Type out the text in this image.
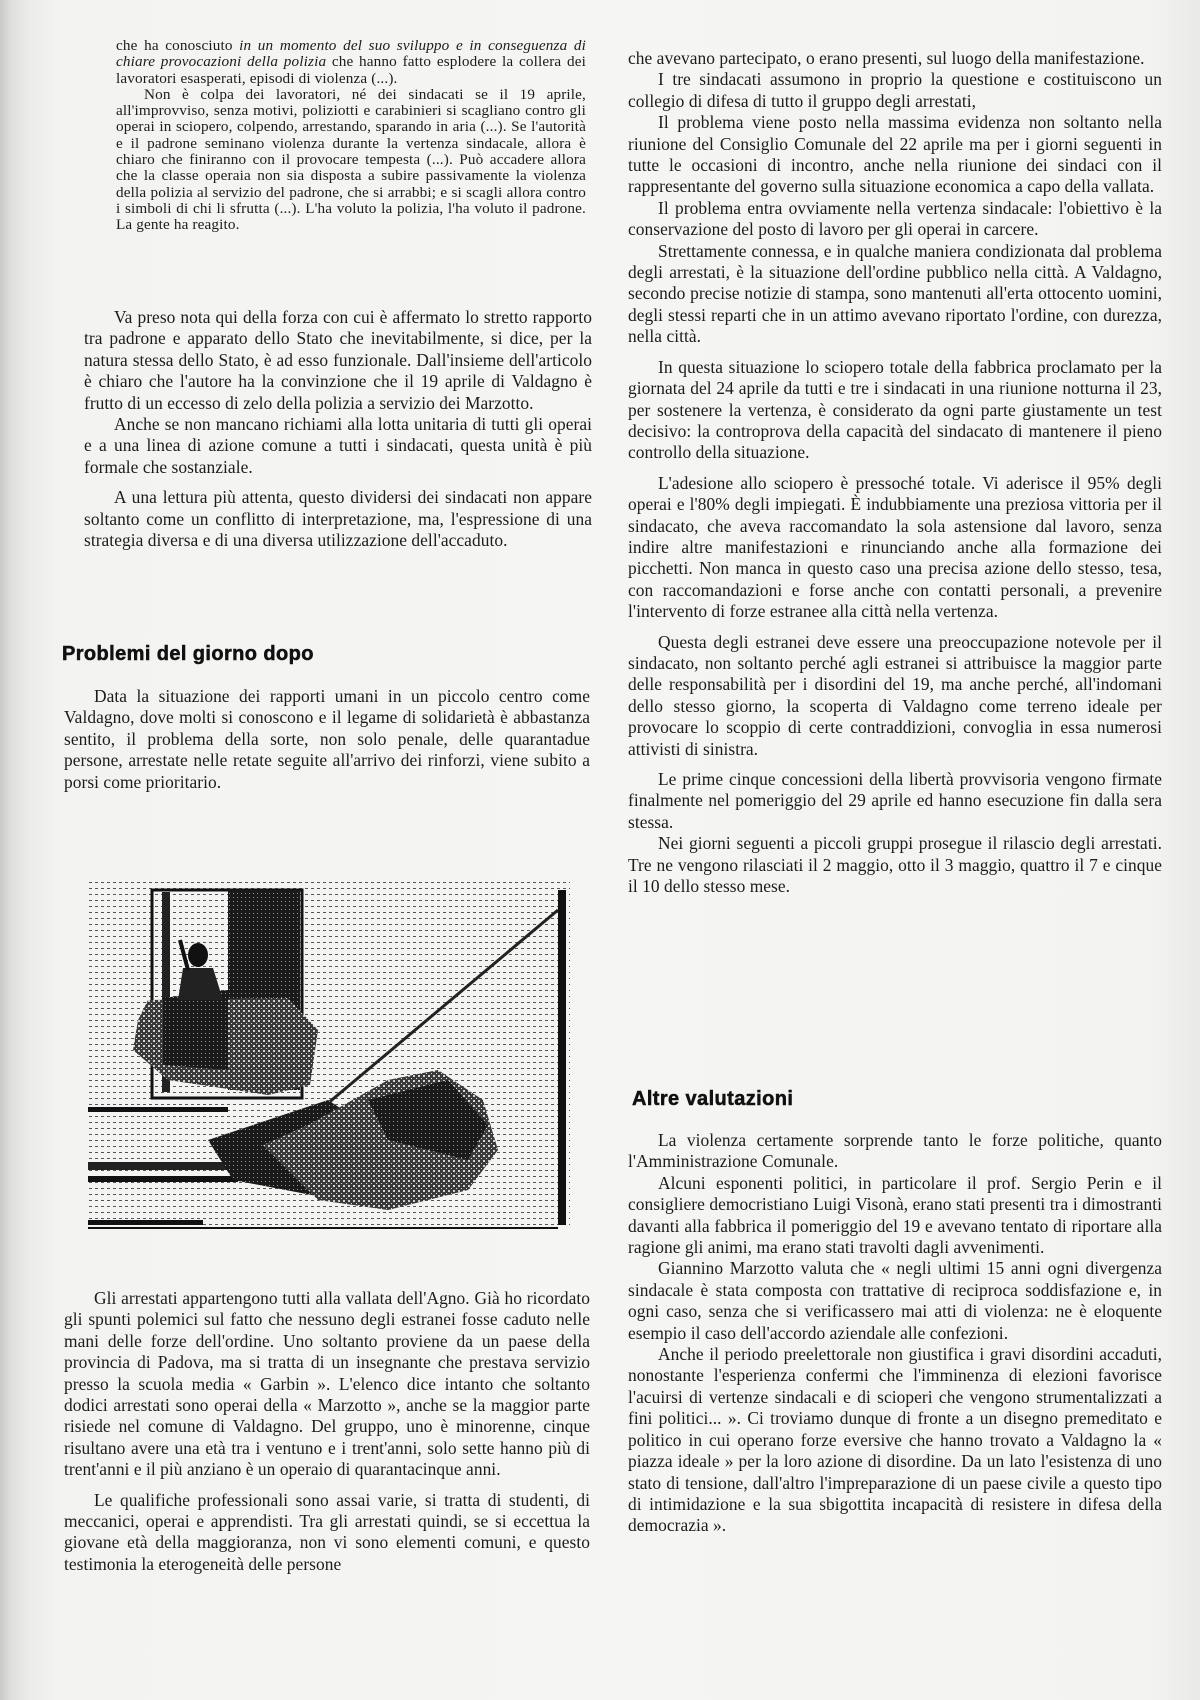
che ha conosciuto in un momento del suo sviluppo e in conseguenza di chiare provocazioni della polizia che hanno fatto esplodere la collera dei lavoratori esasperati, episodi di violenza (...).

Non è colpa dei lavoratori, né dei sindacati se il 19 aprile, all'improvviso, senza motivi, poliziotti e carabinieri si scagliano contro gli operai in sciopero, colpendo, arrestando, sparando in aria (...). Se l'autorità e il padrone seminano violenza durante la vertenza sindacale, allora è chiaro che finiranno con il provocare tempesta (...). Può accadere allora che la classe operaia non sia disposta a subire passivamente la violenza della polizia al servizio del padrone, che si arrabbi; e si scagli allora contro i simboli di chi li sfrutta (...). L'ha voluto la polizia, l'ha voluto il padrone. La gente ha reagito.

Va preso nota qui della forza con cui è affermato lo stretto rapporto tra padrone e apparato dello Stato che inevitabilmente, si dice, per la natura stessa dello Stato, è ad esso funzionale. Dall'insieme dell'articolo è chiaro che l'autore ha la convinzione che il 19 aprile di Valdagno è frutto di un eccesso di zelo della polizia a servizio dei Marzotto.

Anche se non mancano richiami alla lotta unitaria di tutti gli operai e a una linea di azione comune a tutti i sindacati, questa unità è più formale che sostanziale.

A una lettura più attenta, questo dividersi dei sindacati non appare soltanto come un conflitto di interpretazione, ma, l'espressione di una strategia diversa e di una diversa utilizzazione dell'accaduto.

Problemi del giorno dopo

Data la situazione dei rapporti umani in un piccolo centro come Valdagno, dove molti si conoscono e il legame di solidarietà è abbastanza sentito, il problema della sorte, non solo penale, delle quarantadue persone, arrestate nelle retate seguite all'arrivo dei rinforzi, viene subito a porsi come prioritario.

Gli arrestati appartengono tutti alla vallata dell'Agno. Già ho ricordato gli spunti polemici sul fatto che nessuno degli estranei fosse caduto nelle mani delle forze dell'ordine. Uno soltanto proviene da un paese della provincia di Padova, ma si tratta di un insegnante che prestava servizio presso la scuola media « Garbin ». L'elenco dice intanto che soltanto dodici arrestati sono operai della « Marzotto », anche se la maggior parte risiede nel comune di Valdagno. Del gruppo, uno è minorenne, cinque risultano avere una età tra i ventuno e i trent'anni, solo sette hanno più di trent'anni e il più anziano è un operaio di quarantacinque anni.

Le qualifiche professionali sono assai varie, si tratta di studenti, di meccanici, operai e apprendisti. Tra gli arrestati quindi, se si eccettua la giovane età della maggioranza, non vi sono elementi comuni, e questo testimonia la eterogeneità delle persone

che avevano partecipato, o erano presenti, sul luogo della manifestazione.

I tre sindacati assumono in proprio la questione e costituiscono un collegio di difesa di tutto il gruppo degli arrestati,

Il problema viene posto nella massima evidenza non soltanto nella riunione del Consiglio Comunale del 22 aprile ma per i giorni seguenti in tutte le occasioni di incontro, anche nella riunione dei sindaci con il rappresentante del governo sulla situazione economica a capo della vallata.

Il problema entra ovviamente nella vertenza sindacale: l'obiettivo è la conservazione del posto di lavoro per gli operai in carcere.

Strettamente connessa, e in qualche maniera condizionata dal problema degli arrestati, è la situazione dell'ordine pubblico nella città. A Valdagno, secondo precise notizie di stampa, sono mantenuti all'erta ottocento uomini, degli stessi reparti che in un attimo avevano riportato l'ordine, con durezza, nella città.

In questa situazione lo sciopero totale della fabbrica proclamato per la giornata del 24 aprile da tutti e tre i sindacati in una riunione notturna il 23, per sostenere la vertenza, è considerato da ogni parte giustamente un test decisivo: la controprova della capacità del sindacato di mantenere il pieno controllo della situazione.

L'adesione allo sciopero è pressoché totale. Vi aderisce il 95% degli operai e l'80% degli impiegati. È indubbiamente una preziosa vittoria per il sindacato, che aveva raccomandato la sola astensione dal lavoro, senza indire altre manifestazioni e rinunciando anche alla formazione dei picchetti. Non manca in questo caso una precisa azione dello stesso, tesa, con raccomandazioni e forse anche con contatti personali, a prevenire l'intervento di forze estranee alla città nella vertenza.

Questa degli estranei deve essere una preoccupazione notevole per il sindacato, non soltanto perché agli estranei si attribuisce la maggior parte delle responsabilità per i disordini del 19, ma anche perché, all'indomani dello stesso giorno, la scoperta di Valdagno come terreno ideale per provocare lo scoppio di certe contraddizioni, convoglia in essa numerosi attivisti di sinistra.

Le prime cinque concessioni della libertà provvisoria vengono firmate finalmente nel pomeriggio del 29 aprile ed hanno esecuzione fin dalla sera stessa.

Nei giorni seguenti a piccoli gruppi prosegue il rilascio degli arrestati. Tre ne vengono rilasciati il 2 maggio, otto il 3 maggio, quattro il 7 e cinque il 10 dello stesso mese.

Altre valutazioni

La violenza certamente sorprende tanto le forze politiche, quanto l'Amministrazione Comunale.

Alcuni esponenti politici, in particolare il prof. Sergio Perin e il consigliere democristiano Luigi Visonà, erano stati presenti tra i dimostranti davanti alla fabbrica il pomeriggio del 19 e avevano tentato di riportare alla ragione gli animi, ma erano stati travolti dagli avvenimenti.

Giannino Marzotto valuta che « negli ultimi 15 anni ogni divergenza sindacale è stata composta con trattative di reciproca soddisfazione e, in ogni caso, senza che si verificassero mai atti di violenza: ne è eloquente esempio il caso dell'accordo aziendale alle confezioni.

Anche il periodo preelettorale non giustifica i gravi disordini accaduti, nonostante l'esperienza confermi che l'imminenza di elezioni favorisce l'acuirsi di vertenze sindacali e di scioperi che vengono strumentalizzati a fini politici... ». Ci troviamo dunque di fronte a un disegno premeditato e politico in cui operano forze eversive che hanno trovato a Valdagno la « piazza ideale » per la loro azione di disordine. Da un lato l'esistenza di uno stato di tensione, dall'altro l'impreparazione di un paese civile a questo tipo di intimidazione e la sua sbigottita incapacità di resistere in difesa della democrazia ».
